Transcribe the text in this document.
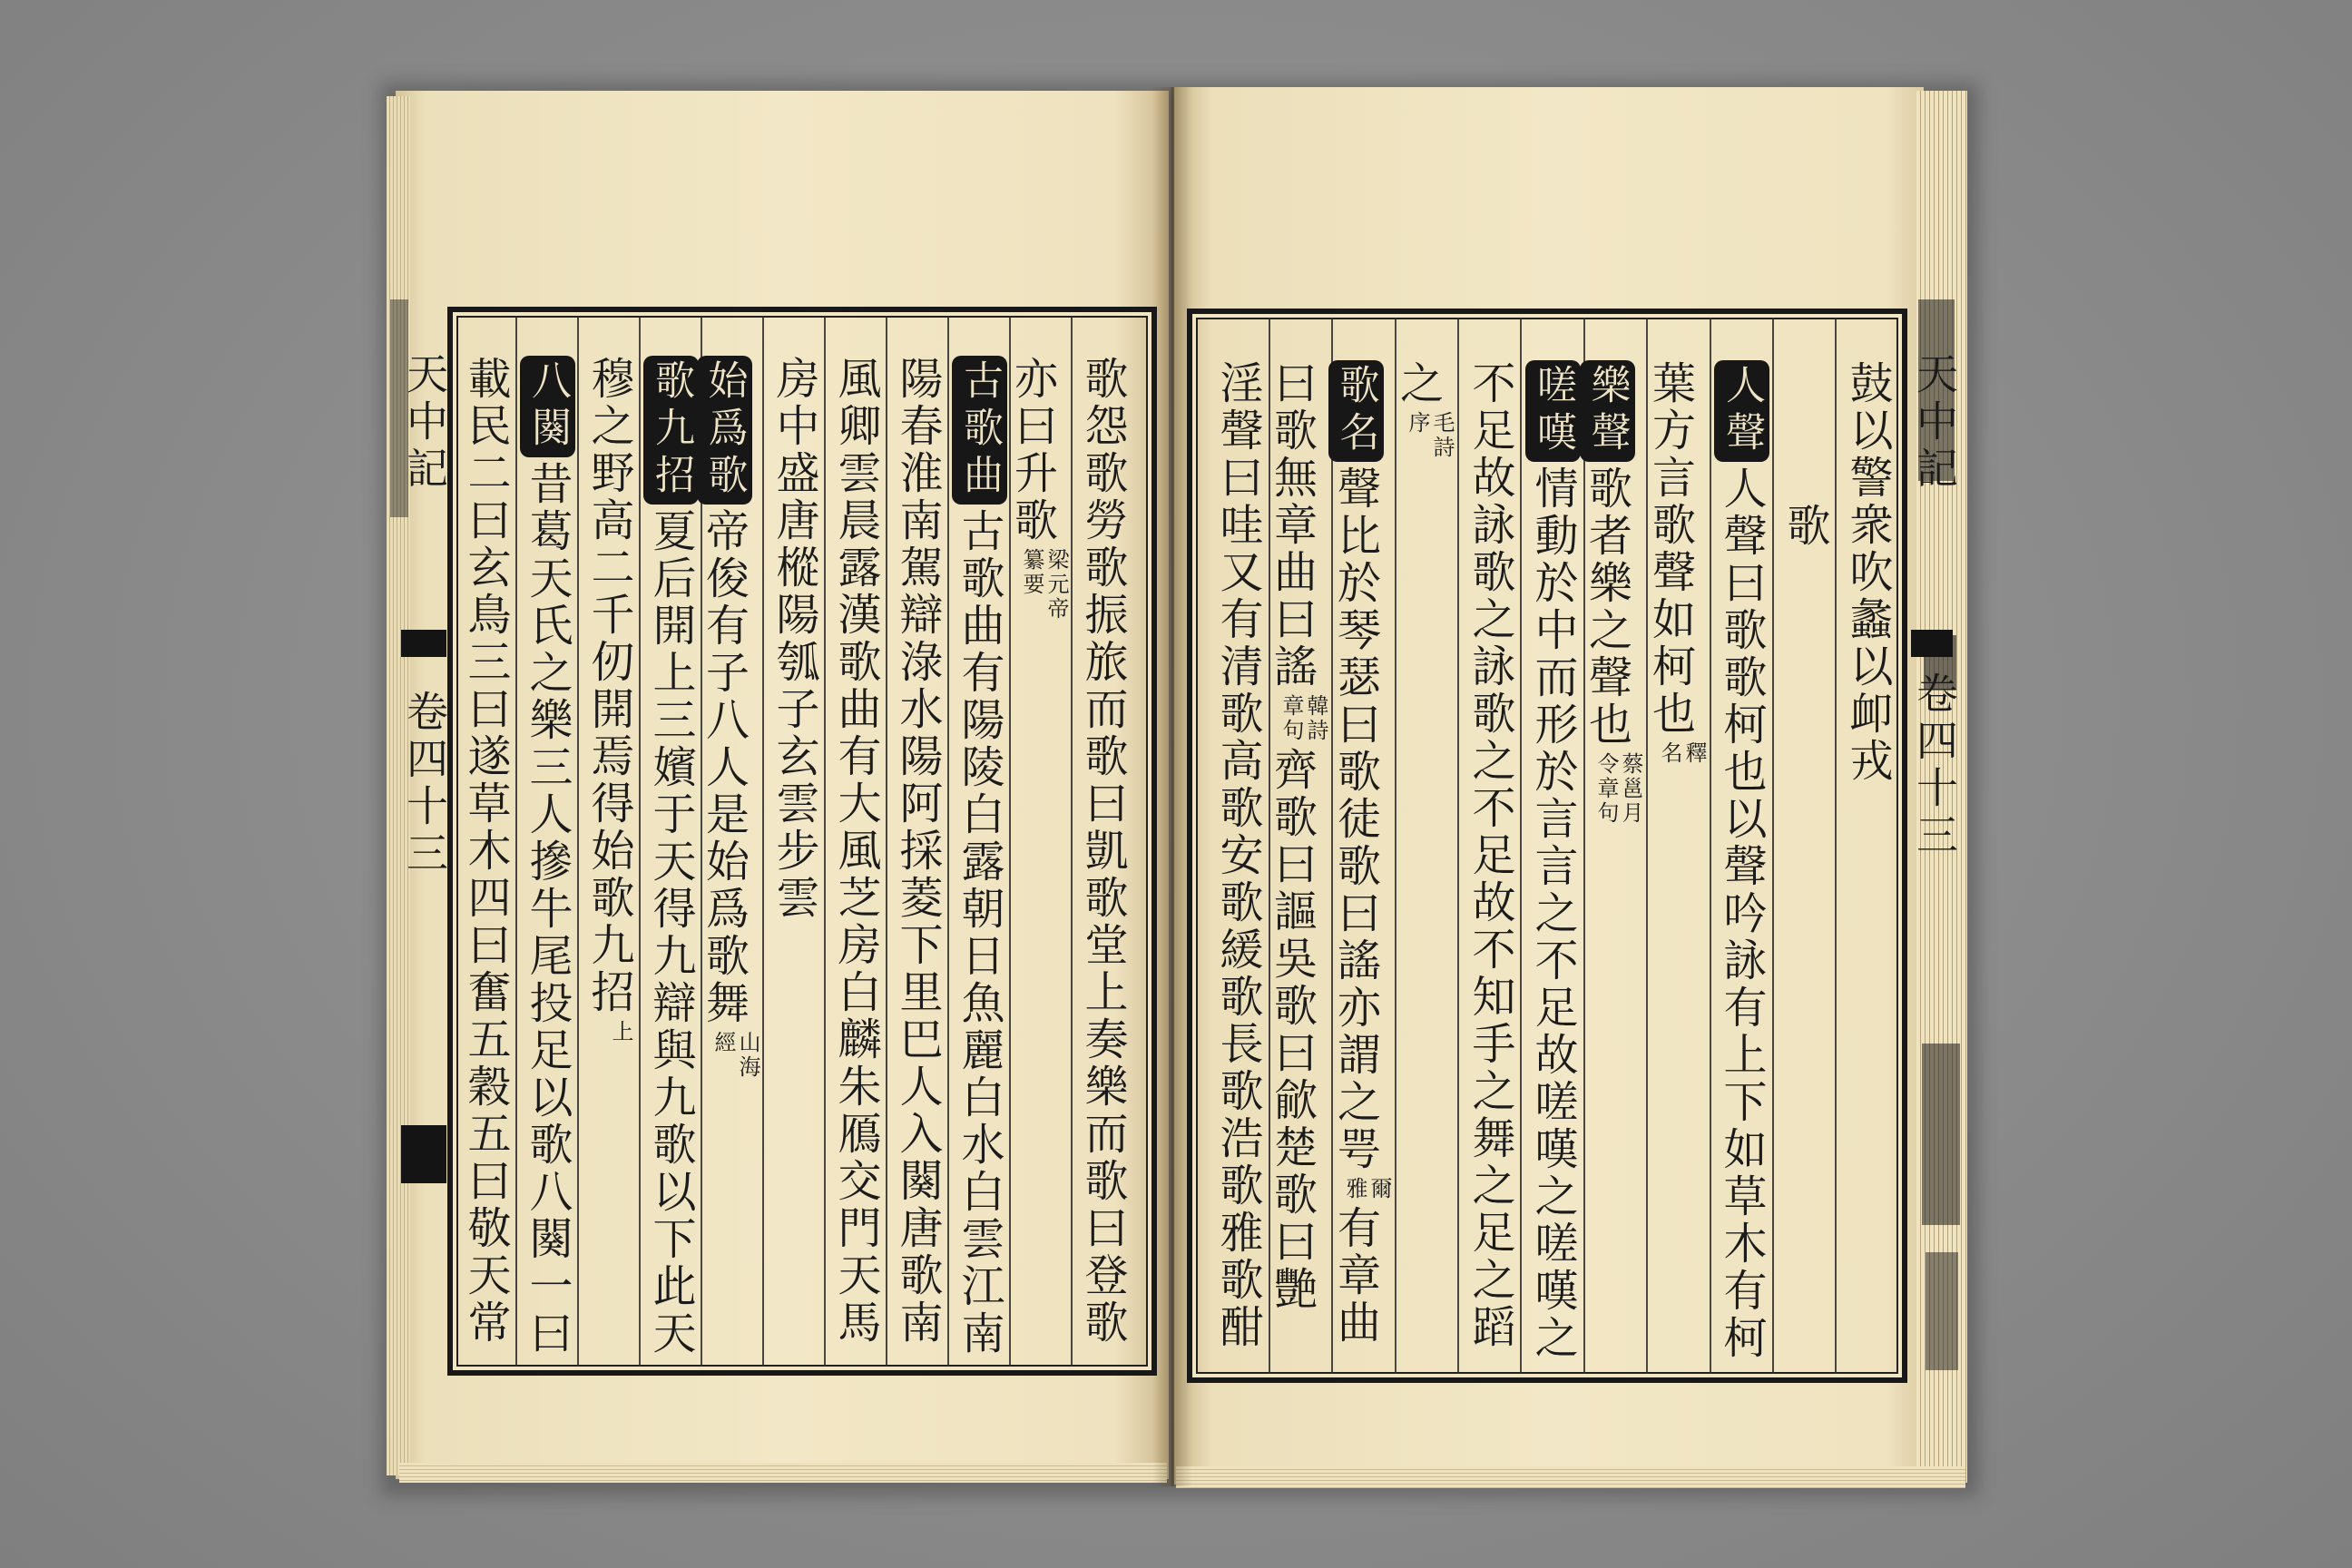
天中記
卷四十三
天中記
卷四十三
鼓以警衆吹蠡以卹戎
歌
人聲人聲曰歌歌柯也以聲吟詠有上下如草木有柯
葉方言歌聲如柯也
釋
名
樂聲歌者樂之聲也
蔡邕月
令章句
嗟嘆情動於中而形於言言之不足故嗟嘆之嗟嘆之
不足故詠歌之詠歌之不足故不知手之舞之足之蹈
之
毛詩
序
歌名聲比於琴瑟曰歌徒歌曰謠亦謂之咢
爾
雅
有章曲
曰歌無章曲曰謠
韓詩
章句
齊歌曰謳吳歌曰歈楚歌曰艷
淫聲曰哇又有清歌高歌安歌緩歌長歌浩歌雅歌酣
歌怨歌勞歌振旅而歌曰凱歌堂上奏樂而歌曰登歌
亦曰升歌
梁元帝
纂要
古歌曲古歌曲有陽陵白露朝日魚麗白水白雲江南
陽春淮南駕辯淥水陽阿採菱下里巴人入闋唐歌南
風卿雲晨露漢歌曲有大風芝房白麟朱鴈交門天馬
房中盛唐樅陽瓠子玄雲步雲
始爲歌帝俊有子八人是始爲歌舞
山海
經
歌九招夏后開上三嬪于天得九辯與九歌以下此天
穆之野高二千仞開焉得始歌九招
上
八闋昔葛天氏之樂三人摻牛尾投足以歌八闋一曰
載民二曰玄鳥三曰遂草木四曰奮五穀五曰敬天常
